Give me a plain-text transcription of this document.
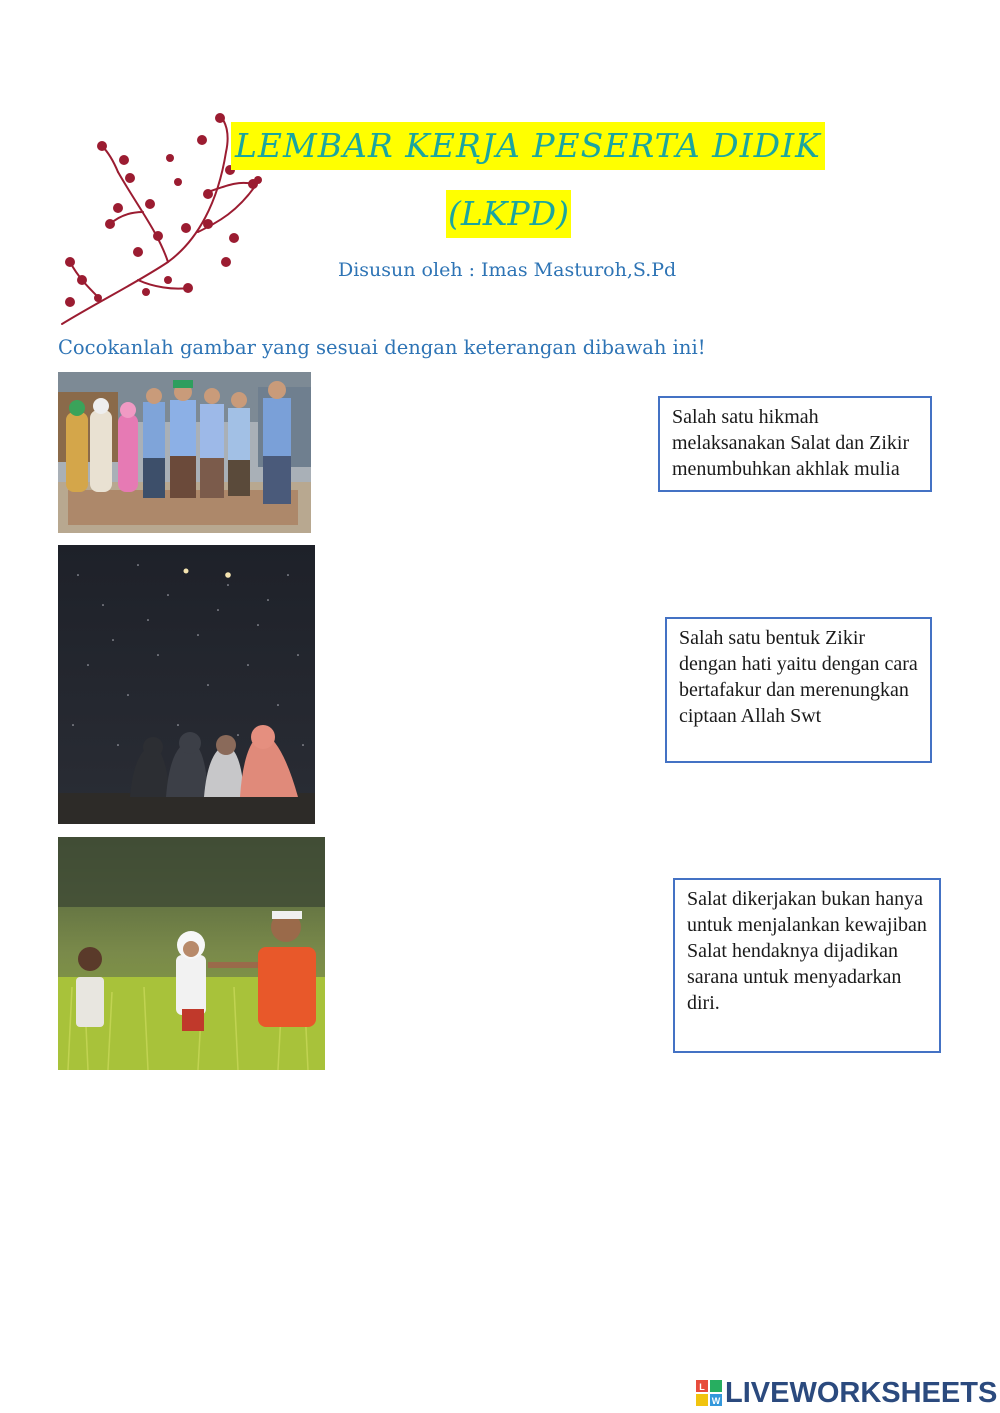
LEMBAR KERJA PESERTA DIDIK
(LKPD)
Disusun oleh : Imas Masturoh,S.Pd
Cocokanlah gambar yang sesuai dengan keterangan dibawah ini!
Salah satu hikmah melaksanakan Salat dan Zikir menumbuhkan akhlak mulia
Salah satu bentuk Zikir dengan hati yaitu dengan cara bertafakur dan merenungkan ciptaan Allah Swt
Salat dikerjakan bukan hanya untuk menjalankan kewajiban Salat hendaknya dijadikan sarana untuk menyadarkan diri.
L
W LIVEWORKSHEETS
